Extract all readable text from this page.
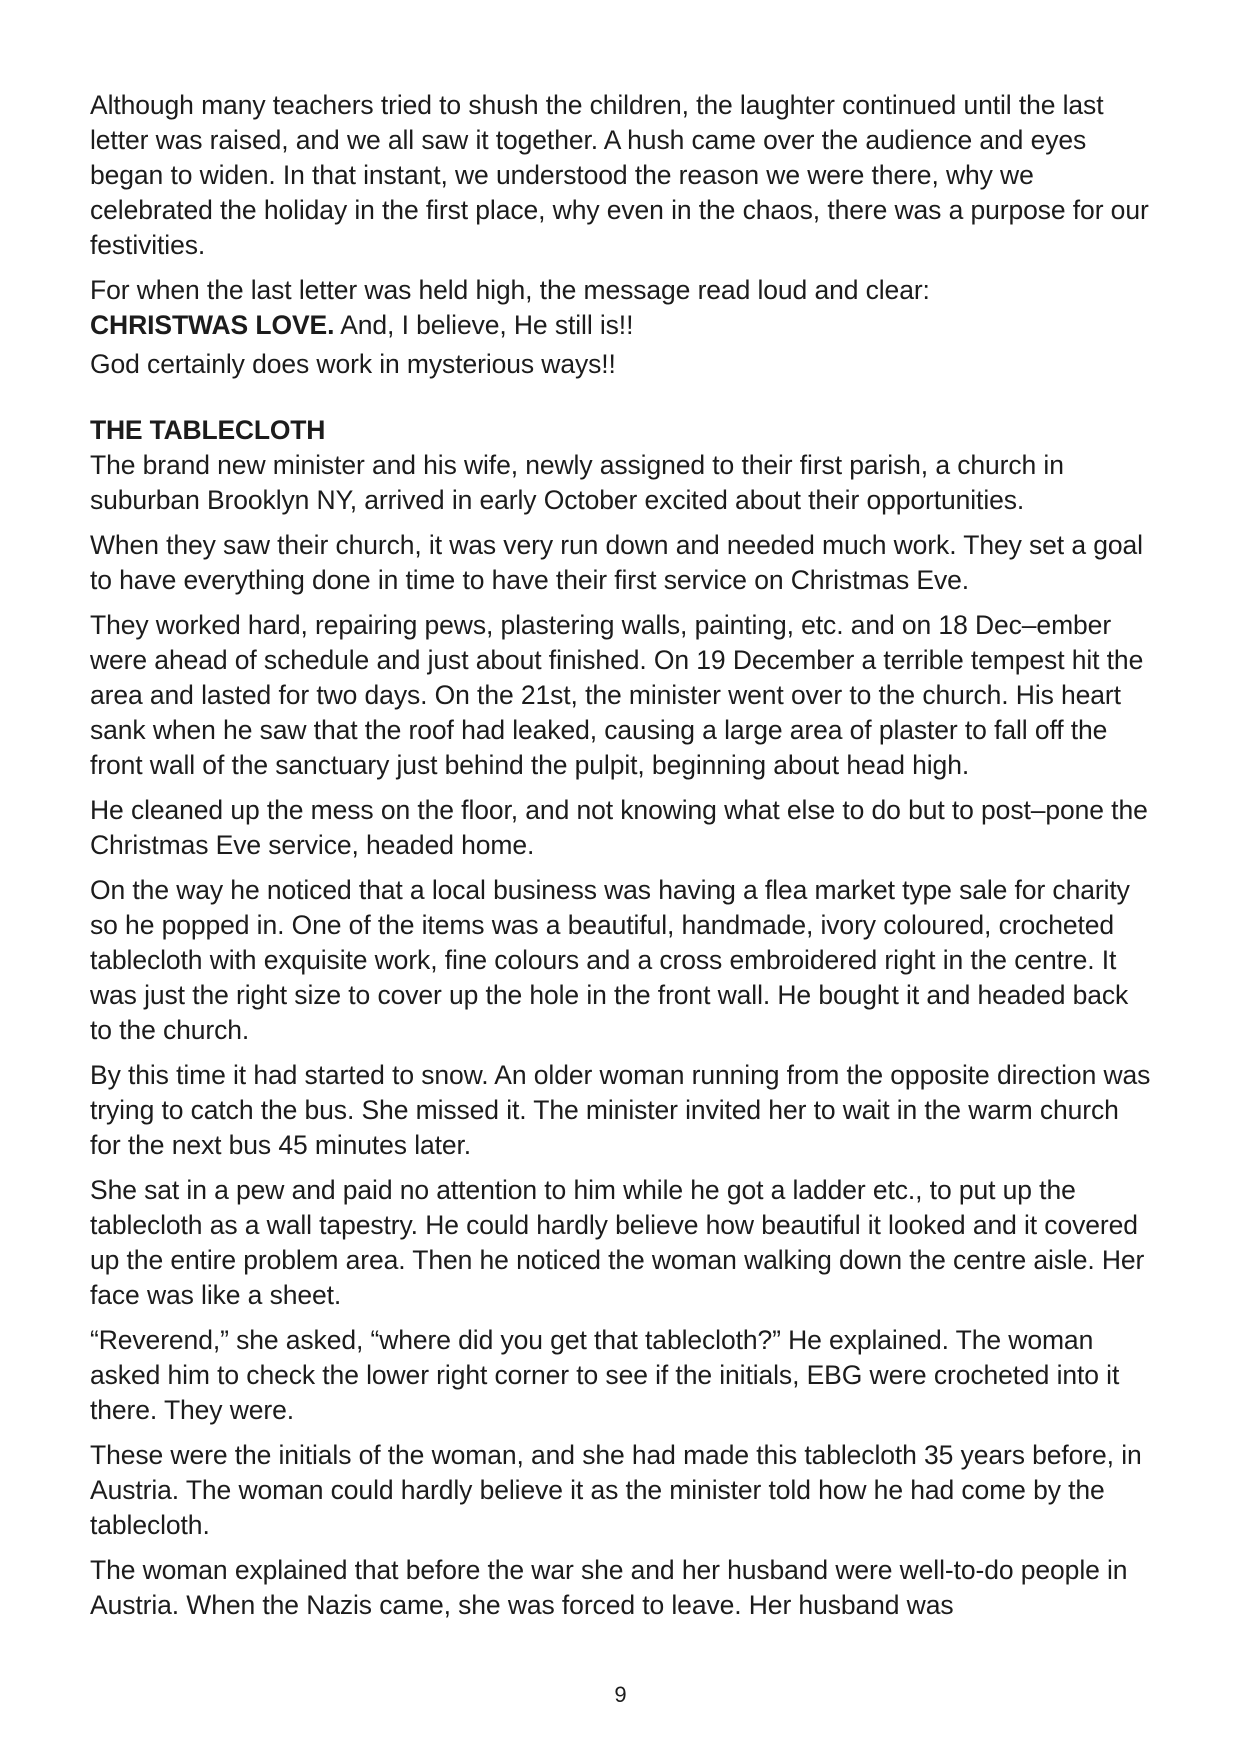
Although many teachers tried to shush the children, the laughter continued until the last letter was raised, and we all saw it together. A hush came over the audience and eyes began to widen. In that instant, we understood the reason we were there, why we celebrated the holiday in the first place, why even in the chaos, there was a purpose for our festivities.

For when the last letter was held high, the message read loud and clear:
CHRISTWAS LOVE. And, I believe, He still is!!

God certainly does work in mysterious ways!!

THE TABLECLOTH

The brand new minister and his wife, newly assigned to their first parish, a church in suburban Brooklyn NY, arrived in early October excited about their opportunities.

When they saw their church, it was very run down and needed much work. They set a goal to have everything done in time to have their first service on Christmas Eve.

They worked hard, repairing pews, plastering walls, painting, etc. and on 18 Dec–ember were ahead of schedule and just about finished. On 19 December a terrible tempest hit the area and lasted for two days. On the 21st, the minister went over to the church. His heart sank when he saw that the roof had leaked, causing a large area of plaster to fall off the front wall of the sanctuary just behind the pulpit, beginning about head high.

He cleaned up the mess on the floor, and not knowing what else to do but to post–pone the Christmas Eve service, headed home.

On the way he noticed that a local business was having a flea market type sale for charity so he popped in. One of the items was a beautiful, handmade, ivory coloured, crocheted tablecloth with exquisite work, fine colours and a cross embroidered right in the centre. It was just the right size to cover up the hole in the front wall. He bought it and headed back to the church.

By this time it had started to snow. An older woman running from the opposite direction was trying to catch the bus. She missed it. The minister invited her to wait in the warm church for the next bus 45 minutes later.

She sat in a pew and paid no attention to him while he got a ladder etc., to put up the tablecloth as a wall tapestry. He could hardly believe how beautiful it looked and it covered up the entire problem area. Then he noticed the woman walking down the centre aisle. Her face was like a sheet.

“Reverend,” she asked, “where did you get that tablecloth?” He explained. The woman asked him to check the lower right corner to see if the initials, EBG were crocheted into it there. They were.

These were the initials of the woman, and she had made this tablecloth 35 years before, in Austria. The woman could hardly believe it as the minister told how he had come by the tablecloth.

The woman explained that before the war she and her husband were well-to-do people in Austria. When the Nazis came, she was forced to leave. Her husband was

9
